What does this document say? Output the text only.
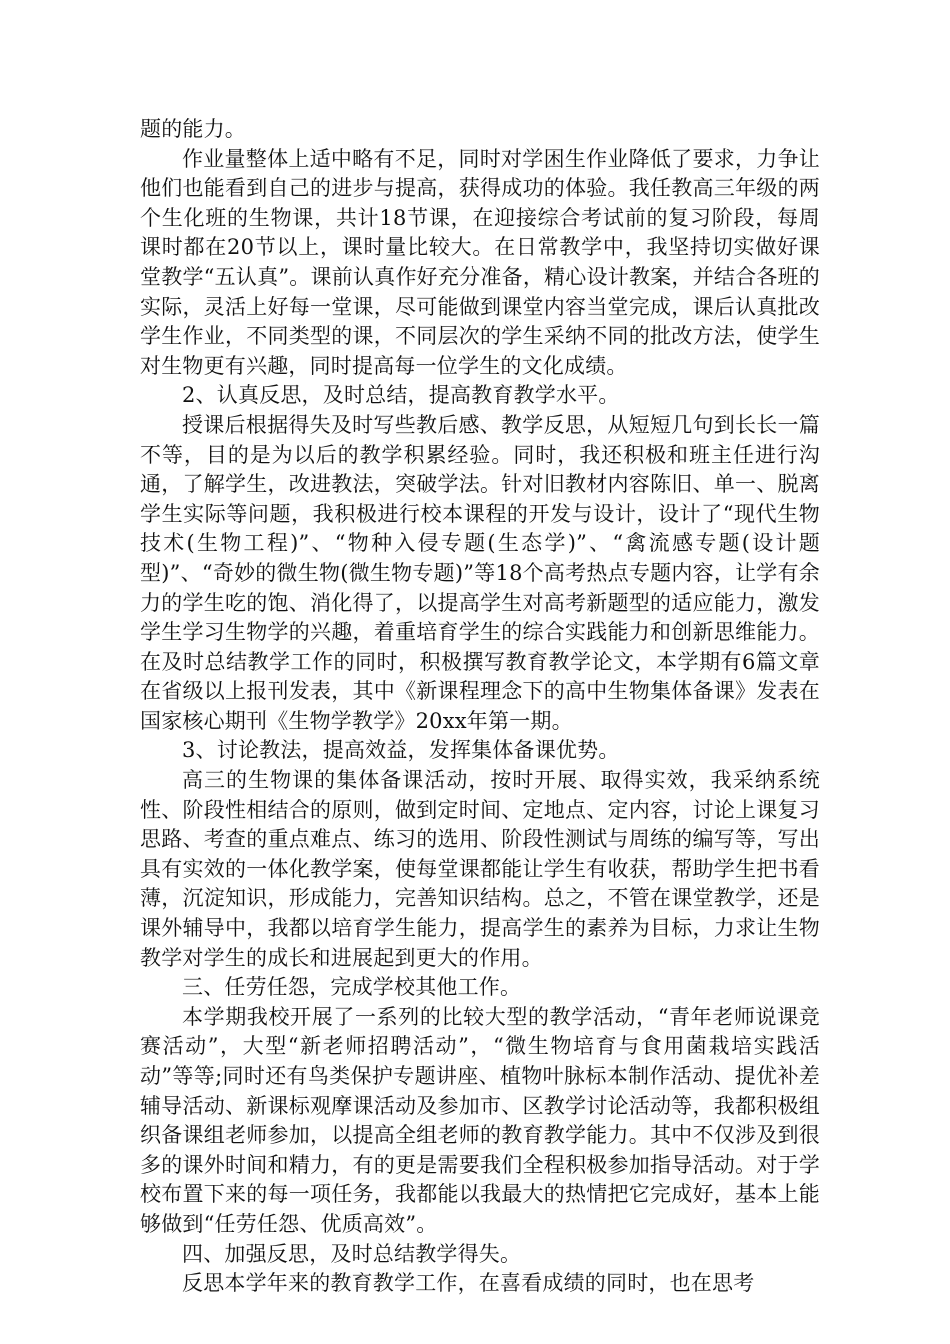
题的能力。

作业量整体上适中略有不足，同时对学困生作业降低了要求，力争让他们也能看到自己的进步与提高，获得成功的体验。我任教高三年级的两个生化班的生物课，共计18节课，在迎接综合考试前的复习阶段，每周课时都在20节以上，课时量比较大。在日常教学中，我坚持切实做好课堂教学“五认真”。课前认真作好充分准备，精心设计教案，并结合各班的实际，灵活上好每一堂课，尽可能做到课堂内容当堂完成，课后认真批改学生作业，不同类型的课，不同层次的学生采纳不同的批改方法，使学生对生物更有兴趣，同时提高每一位学生的文化成绩。

2、认真反思，及时总结，提高教育教学水平。

授课后根据得失及时写些教后感、教学反思，从短短几句到长长一篇不等，目的是为以后的教学积累经验。同时，我还积极和班主任进行沟通，了解学生，改进教法，突破学法。针对旧教材内容陈旧、单一、脱离学生实际等问题，我积极进行校本课程的开发与设计，设计了“现代生物技术(生物工程)”、“物种入侵专题(生态学)”、“禽流感专题(设计题型)”、“奇妙的微生物(微生物专题)”等18个高考热点专题内容，让学有余力的学生吃的饱、消化得了，以提高学生对高考新题型的适应能力，激发学生学习生物学的兴趣，着重培育学生的综合实践能力和创新思维能力。在及时总结教学工作的同时，积极撰写教育教学论文，本学期有6篇文章在省级以上报刊发表，其中《新课程理念下的高中生物集体备课》发表在国家核心期刊《生物学教学》20xx年第一期。

3、讨论教法，提高效益，发挥集体备课优势。

高三的生物课的集体备课活动，按时开展、取得实效，我采纳系统性、阶段性相结合的原则，做到定时间、定地点、定内容，讨论上课复习思路、考查的重点难点、练习的选用、阶段性测试与周练的编写等，写出具有实效的一体化教学案，使每堂课都能让学生有收获，帮助学生把书看薄，沉淀知识，形成能力，完善知识结构。总之，不管在课堂教学，还是课外辅导中，我都以培育学生能力，提高学生的素养为目标，力求让生物教学对学生的成长和进展起到更大的作用。

三、任劳任怨，完成学校其他工作。

本学期我校开展了一系列的比较大型的教学活动，“青年老师说课竞赛活动”，大型“新老师招聘活动”，“微生物培育与食用菌栽培实践活动”等等;同时还有鸟类保护专题讲座、植物叶脉标本制作活动、提优补差辅导活动、新课标观摩课活动及参加市、区教学讨论活动等，我都积极组织备课组老师参加，以提高全组老师的教育教学能力。其中不仅涉及到很多的课外时间和精力，有的更是需要我们全程积极参加指导活动。对于学校布置下来的每一项任务，我都能以我最大的热情把它完成好，基本上能够做到“任劳任怨、优质高效”。

四、加强反思，及时总结教学得失。

反思本学年来的教育教学工作，在喜看成绩的同时，也在思考
